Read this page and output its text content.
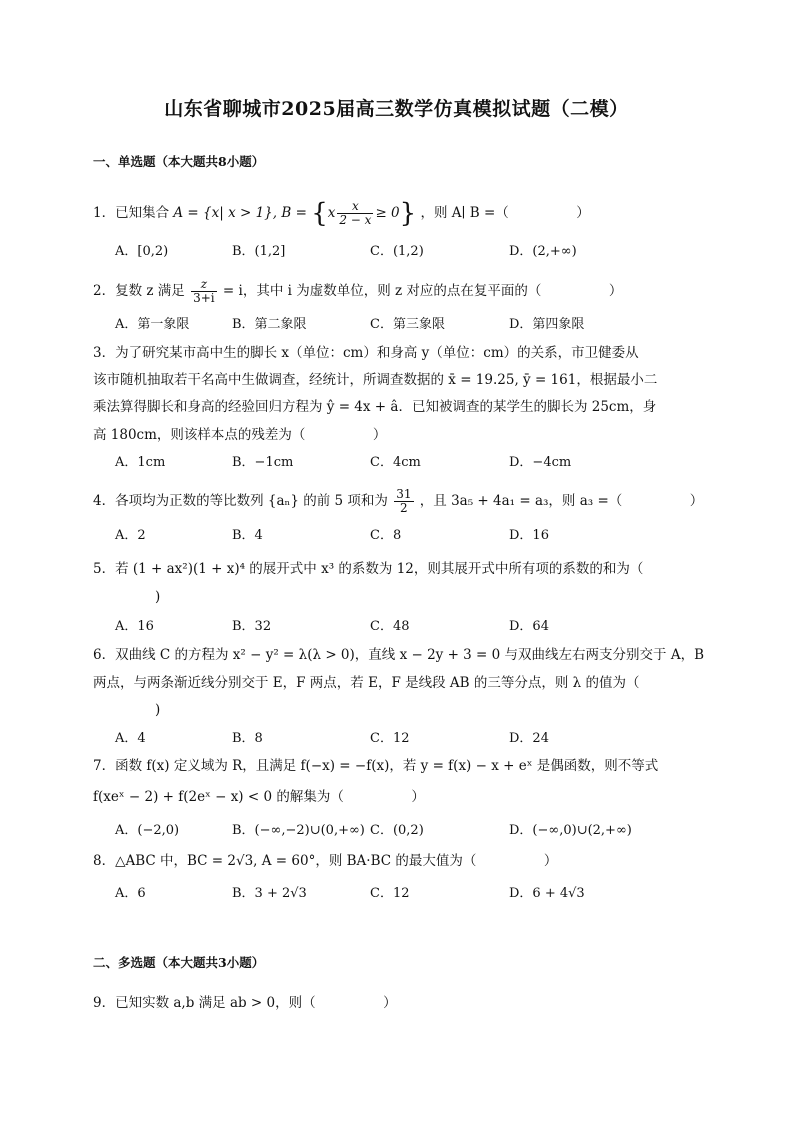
山东省聊城市2025届高三数学仿真模拟试题（二模）
一、单选题（本大题共8小题）
1．已知集合 A = {x| x > 1}, $B = \{x \frac{x}{2 - x} \ge 0\}$ ，则 A∣ B =（　　　　　）
A．[0,2)	B．(1,2]	C．(1,2)	D．(2,+∞)
2．复数 z 满足 $\frac{z}{3+i} = i$，其中 i 为虚数单位，则 z 对应的点在复平面的（　　　　　）
A．第一象限	B．第二象限	C．第三象限	D．第四象限
3．为了研究某市高中生的脚长 x（单位：cm）和身高 y（单位：cm）的关系，市卫健委从
该市随机抽取若干名高中生做调查，经统计，所调查数据的 x̄ = 19.25, ȳ = 161，根据最小二
乘法算得脚长和身高的经验回归方程为 ŷ = 4x + â．已知被调查的某学生的脚长为 25cm，身
高 180cm，则该样本点的残差为（　　　　　）
A．1cm	B．−1cm	C．4cm	D．−4cm
4．各项均为正数的等比数列 {aₙ} 的前 5 项和为 $\frac{31}{2}$ ，且 3a₅ + 4a₁ = a₃，则 a₃ =（　　　　　）
A．2	B．4	C．8	D．16
5．若 (1 + ax²)(1 + x)⁴ 的展开式中 x³ 的系数为 12，则其展开式中所有项的系数的和为（
)
A．16	B．32	C．48	D．64
6．双曲线 C 的方程为 x² − y² = λ(λ > 0)，直线 x − 2y + 3 = 0 与双曲线左右两支分别交于 A，B
两点，与两条渐近线分别交于 E，F 两点，若 E，F 是线段 AB 的三等分点，则 λ 的值为（
)
A．4	B．8	C．12	D．24
7．函数 f(x) 定义域为 R，且满足 f(−x) = −f(x)，若 y = f(x) − x + eˣ 是偶函数，则不等式
f(xeˣ − 2) + f(2eˣ − x) < 0 的解集为（　　　　　）
A．(−2,0)	B．(−∞,−2)∪(0,+∞) C．(0,2)	D．(−∞,0)∪(2,+∞)
8．△ABC 中，BC = 2√3, A = 60°，则 BA·BC 的最大值为（　　　　　）
A．6	B．3 + 2√3	C．12	D．6 + 4√3
二、多选题（本大题共3小题）
9．已知实数 a,b 满足 ab > 0，则（　　　　　）
